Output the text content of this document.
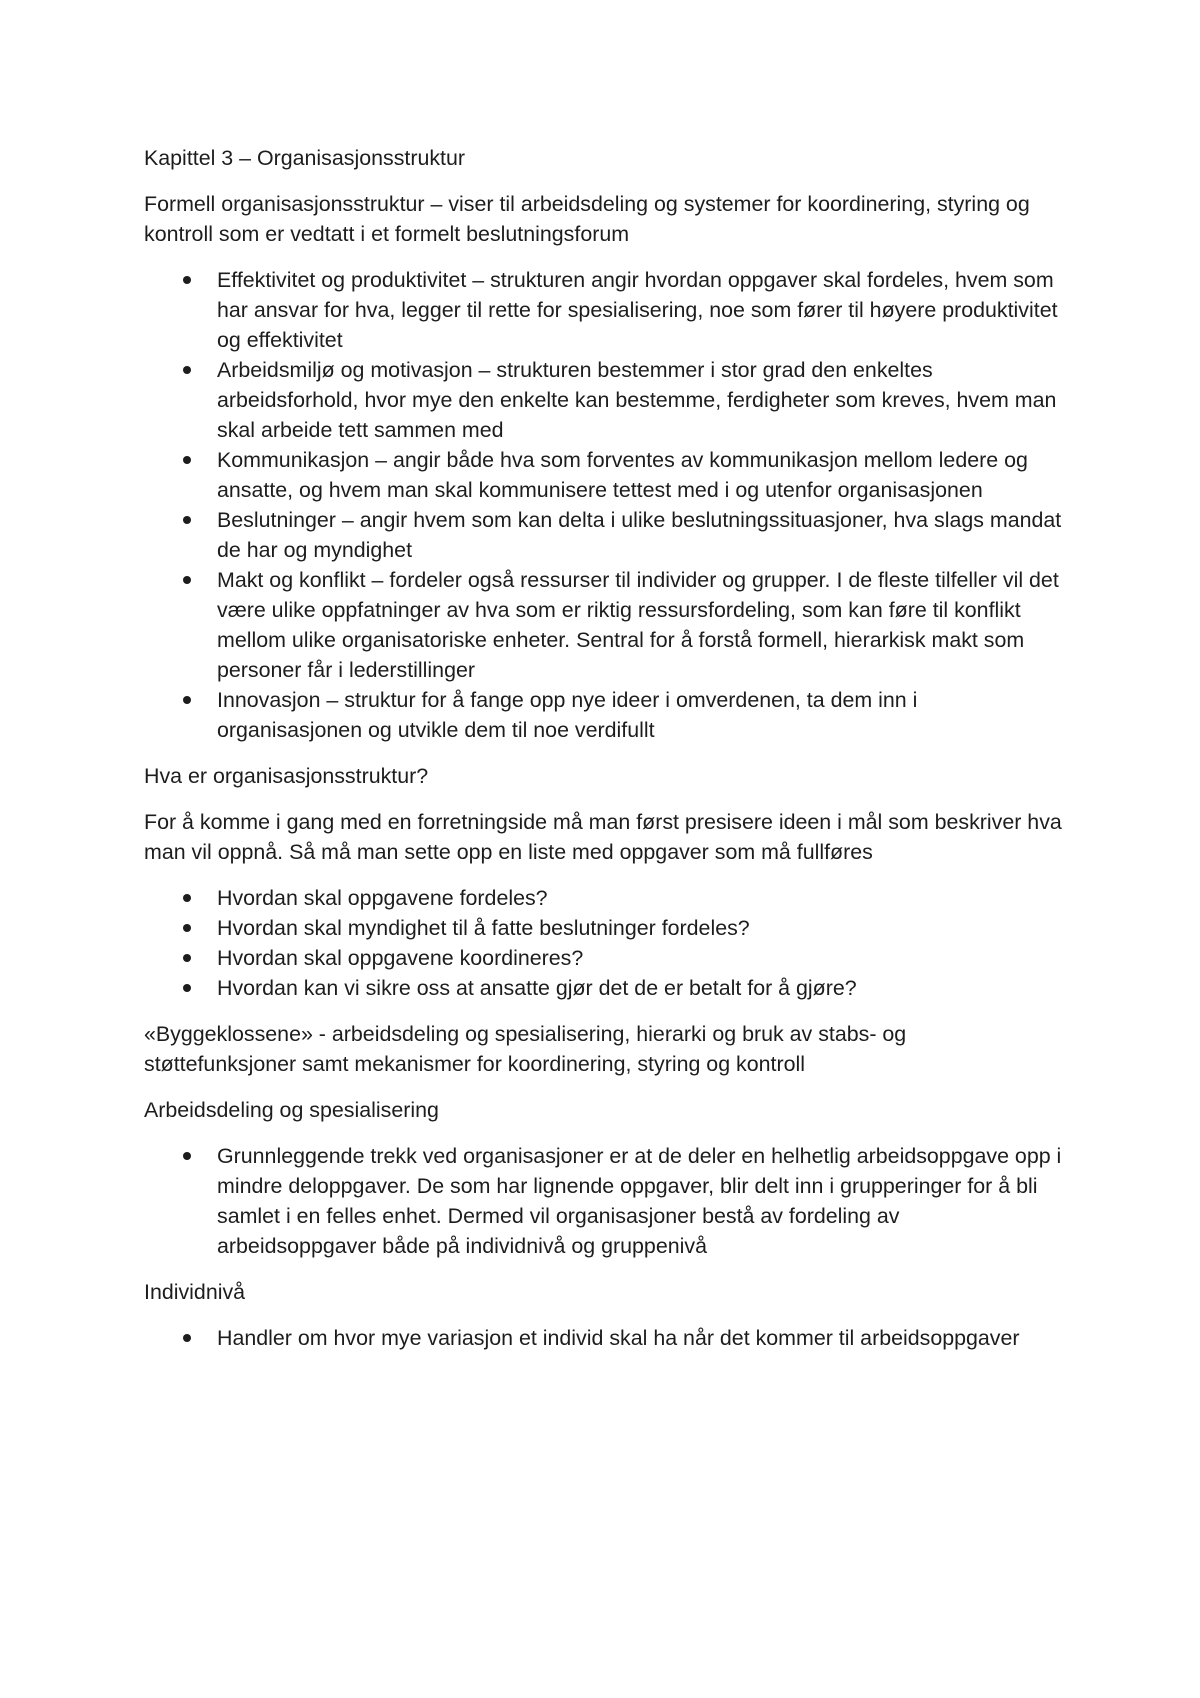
Kapittel 3 – Organisasjonsstruktur
Formell organisasjonsstruktur – viser til arbeidsdeling og systemer for koordinering, styring og kontroll som er vedtatt i et formelt beslutningsforum
Effektivitet og produktivitet – strukturen angir hvordan oppgaver skal fordeles, hvem som har ansvar for hva, legger til rette for spesialisering, noe som fører til høyere produktivitet og effektivitet
Arbeidsmiljø og motivasjon – strukturen bestemmer i stor grad den enkeltes arbeidsforhold, hvor mye den enkelte kan bestemme, ferdigheter som kreves, hvem man skal arbeide tett sammen med
Kommunikasjon – angir både hva som forventes av kommunikasjon mellom ledere og ansatte, og hvem man skal kommunisere tettest med i og utenfor organisasjonen
Beslutninger – angir hvem som kan delta i ulike beslutningssituasjoner, hva slags mandat de har og myndighet
Makt og konflikt – fordeler også ressurser til individer og grupper. I de fleste tilfeller vil det være ulike oppfatninger av hva som er riktig ressursfordeling, som kan føre til konflikt mellom ulike organisatoriske enheter. Sentral for å forstå formell, hierarkisk makt som personer får i lederstillinger
Innovasjon – struktur for å fange opp nye ideer i omverdenen, ta dem inn i organisasjonen og utvikle dem til noe verdifullt
Hva er organisasjonsstruktur?
For å komme i gang med en forretningside må man først presisere ideen i mål som beskriver hva man vil oppnå. Så må man sette opp en liste med oppgaver som må fullføres
Hvordan skal oppgavene fordeles?
Hvordan skal myndighet til å fatte beslutninger fordeles?
Hvordan skal oppgavene koordineres?
Hvordan kan vi sikre oss at ansatte gjør det de er betalt for å gjøre?
«Byggeklossene» - arbeidsdeling og spesialisering, hierarki og bruk av stabs- og støttefunksjoner samt mekanismer for koordinering, styring og kontroll
Arbeidsdeling og spesialisering
Grunnleggende trekk ved organisasjoner er at de deler en helhetlig arbeidsoppgave opp i mindre deloppgaver. De som har lignende oppgaver, blir delt inn i grupperinger for å bli samlet i en felles enhet. Dermed vil organisasjoner bestå av fordeling av arbeidsoppgaver både på individnivå og gruppenivå
Individnivå
Handler om hvor mye variasjon et individ skal ha når det kommer til arbeidsoppgaver
